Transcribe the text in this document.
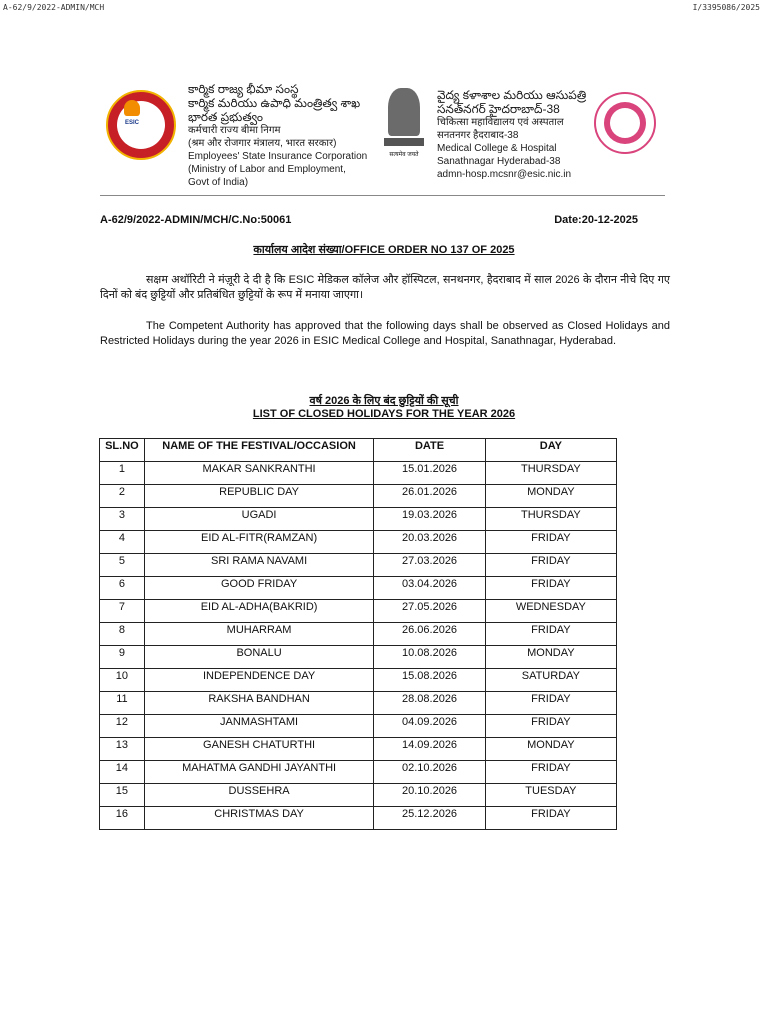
A-62/9/2022-ADMIN/MCH	I/3395086/2025
ESIC
కార్మిక రాజ్య భీమా సంస్థ
కార్మిక మరియు ఉపాధి మంత్రిత్వ శాఖ
భారత ప్రభుత్వం
कर्मचारी राज्य बीमा निगम
(श्रम और रोजगार मंत्रालय, भारत सरकार)
Employees' State Insurance Corporation
(Ministry of Labor and Employment,
Govt of India)
सत्यमेव जयते
వైద్య కళాశాల మరియు ఆసుపత్రి
సనత్‌నగర్ హైదరాబాద్-38
चिकित्सा महाविद्यालय एवं अस्पताल
सनतनगर हैदराबाद-38
Medical College & Hospital
Sanathnagar Hyderabad-38
admn-hosp.mcsnr@esic.nic.in
NABH
A-62/9/2022-ADMIN/MCH/C.No:50061	Date:20-12-2025
कार्यालय आदेश संख्या/OFFICE ORDER NO 137 OF 2025
सक्षम अथॉरिटी ने मंज़ूरी दे दी है कि ESIC मेडिकल कॉलेज और हॉस्पिटल, सनथनगर, हैदराबाद में साल 2026 के दौरान नीचे दिए गए दिनों को बंद छुट्टियों और प्रतिबंधित छुट्टियों के रूप में मनाया जाएगा।
The Competent Authority has approved that the following days shall be observed as Closed Holidays and Restricted Holidays during the year 2026 in ESIC Medical College and Hospital, Sanathnagar, Hyderabad.
वर्ष 2026 के लिए बंद छुट्टियों की सूची
LIST OF CLOSED HOLIDAYS FOR THE YEAR 2026
SL.NO	NAME OF THE FESTIVAL/OCCASION	DATE	DAY
1	MAKAR SANKRANTHI	15.01.2026	THURSDAY
2	REPUBLIC DAY	26.01.2026	MONDAY
3	UGADI	19.03.2026	THURSDAY
4	EID AL-FITR(RAMZAN)	20.03.2026	FRIDAY
5	SRI RAMA NAVAMI	27.03.2026	FRIDAY
6	GOOD FRIDAY	03.04.2026	FRIDAY
7	EID AL-ADHA(BAKRID)	27.05.2026	WEDNESDAY
8	MUHARRAM	26.06.2026	FRIDAY
9	BONALU	10.08.2026	MONDAY
10	INDEPENDENCE DAY	15.08.2026	SATURDAY
11	RAKSHA BANDHAN	28.08.2026	FRIDAY
12	JANMASHTAMI	04.09.2026	FRIDAY
13	GANESH CHATURTHI	14.09.2026	MONDAY
14	MAHATMA GANDHI JAYANTHI	02.10.2026	FRIDAY
15	DUSSEHRA	20.10.2026	TUESDAY
16	CHRISTMAS DAY	25.12.2026	FRIDAY
